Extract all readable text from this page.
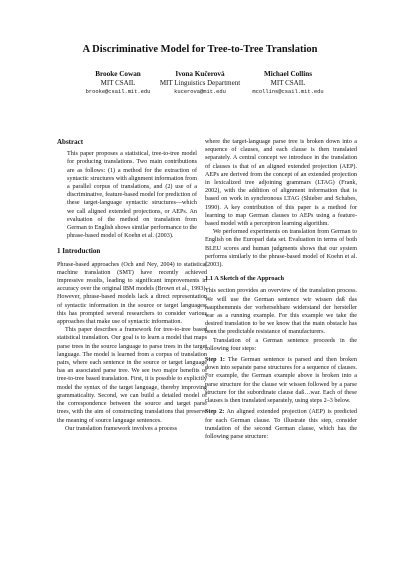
A Discriminative Model for Tree-to-Tree Translation
Brooke Cowan
MIT CSAIL
brooke@csail.mit.edu
Ivona Kučerová
MIT Linguistics Department
kucerova@mit.edu
Michael Collins
MIT CSAIL
mcollins@csail.mit.edu

Abstract

This paper proposes a statistical, tree-to-tree model for producing translations. Two main contributions are as follows: (1) a method for the extraction of syntactic structures with alignment information from a parallel corpus of translations, and (2) use of a discriminative, feature-based model for prediction of these target-language syntactic structures—which we call aligned extended projections, or AEPs. An evaluation of the method on translation from German to English shows similar performance to the phrase-based model of Koehn et al. (2003).

1 Introduction

Phrase-based approaches (Och and Ney, 2004) to statistical machine translation (SMT) have recently achieved impressive results, leading to significant improvements in accuracy over the original IBM models (Brown et al., 1993). However, phrase-based models lack a direct representation of syntactic information in the source or target languages; this has prompted several researchers to consider various approaches that make use of syntactic information.

This paper describes a framework for tree-to-tree based statistical translation. Our goal is to learn a model that maps parse trees in the source language to parse trees in the target language. The model is learned from a corpus of translation pairs, where each sentence in the source or target language has an associated parse tree. We see two major benefits of tree-to-tree based translation. First, it is possible to explicitly model the syntax of the target language, thereby improving grammaticality. Second, we can build a detailed model of the correspondence between the source and target parse trees, with the aim of constructing translations that preserve the meaning of source language sentences.

Our translation framework involves a process

where the target-language parse tree is broken down into a sequence of clauses, and each clause is then translated separately. A central concept we introduce in the translation of clauses is that of an aligned extended projection (AEP). AEPs are derived from the concept of an extended projection in lexicalized tree adjoining grammars (LTAG) (Frank, 2002), with the addition of alignment information that is based on work in synchronous LTAG (Shieber and Schabes, 1990). A key contribution of this paper is a method for learning to map German clauses to AEPs using a feature-based model with a perceptron learning algorithm.

We performed experiments on translation from German to English on the Europarl data set. Evaluation in terms of both BLEU scores and human judgments shows that our system performs similarly to the phrase-based model of Koehn et al. (2003).

1.1 A Sketch of the Approach

This section provides an overview of the translation process. We will use the German sentence wir wissen daß das haupthemmnis der vorhersehbare widerstand der hersteller war as a running example. For this example we take the desired translation to be we know that the main obstacle has been the predictable resistance of manufacturers.

Translation of a German sentence proceeds in the following four steps:

Step 1: The German sentence is parsed and then broken down into separate parse structures for a sequence of clauses. For example, the German example above is broken into a parse structure for the clause wir wissen followed by a parse structure for the subordinate clause daß…war. Each of these clauses is then translated separately, using steps 2–3 below.

Step 2: An aligned extended projection (AEP) is predicted for each German clause. To illustrate this step, consider translation of the second German clause, which has the following parse structure:
